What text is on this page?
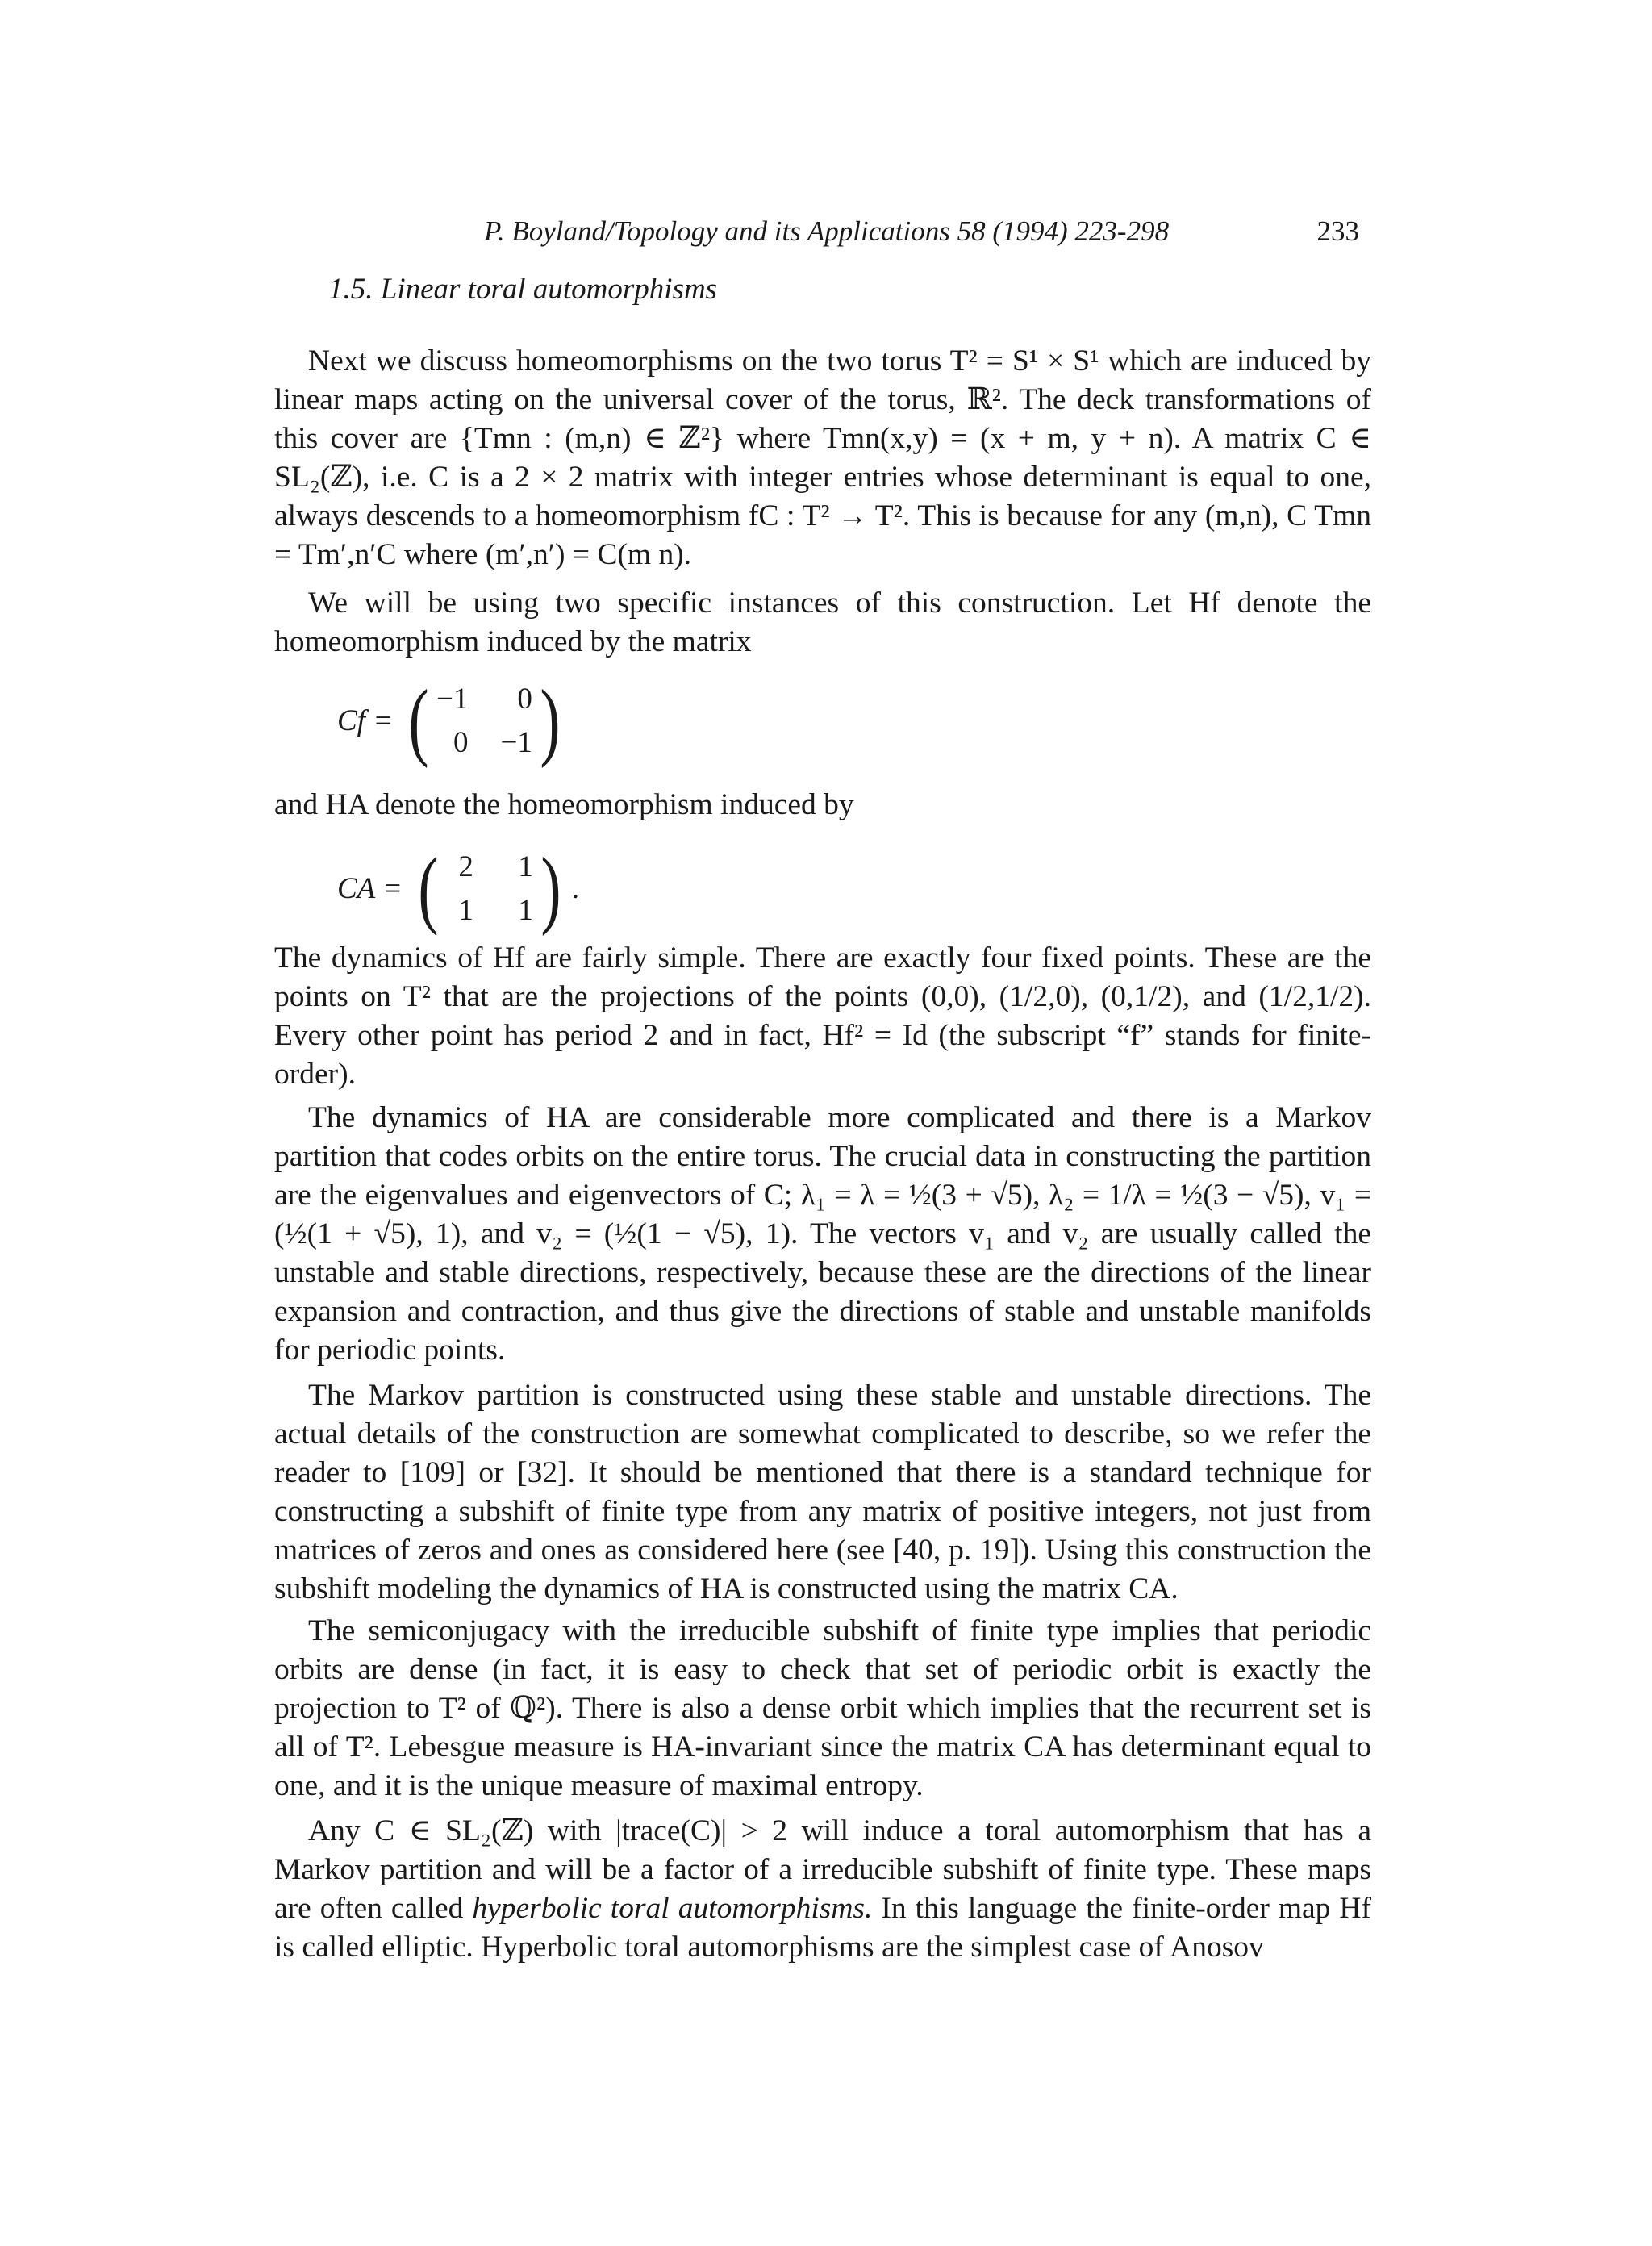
P. Boyland/Topology and its Applications 58 (1994) 223-298	233
1.5. Linear toral automorphisms

Next we discuss homeomorphisms on the two torus T² = S¹ × S¹ which are induced by linear maps acting on the universal cover of the torus, ℝ². The deck transformations of this cover are {Tmn : (m,n) ∈ ℤ²} where Tmn(x,y) = (x + m, y + n). A matrix C ∈ SL₂(ℤ), i.e. C is a 2 × 2 matrix with integer entries whose determinant is equal to one, always descends to a homeomorphism fC : T² → T². This is because for any (m,n), C Tmn = Tm′,n′C where (m′,n′) = C(m n).

We will be using two specific instances of this construction. Let Hf denote the homeomorphism induced by the matrix

Cf = ( −1	0
0 −1 )

and HA denote the homeomorphism induced by

CA = ( 2	1
1	1 ) .

The dynamics of Hf are fairly simple. There are exactly four fixed points. These are the points on T² that are the projections of the points (0,0), (1/2,0), (0,1/2), and (1/2,1/2). Every other point has period 2 and in fact, Hf² = Id (the subscript “f” stands for finite-order).

The dynamics of HA are considerable more complicated and there is a Markov partition that codes orbits on the entire torus. The crucial data in constructing the partition are the eigenvalues and eigenvectors of C; λ₁ = λ = ½(3 + √5), λ₂ = 1/λ = ½(3 − √5), v₁ = (½(1 + √5), 1), and v₂ = (½(1 − √5), 1). The vectors v₁ and v₂ are usually called the unstable and stable directions, respectively, because these are the directions of the linear expansion and contraction, and thus give the directions of stable and unstable manifolds for periodic points.

The Markov partition is constructed using these stable and unstable directions. The actual details of the construction are somewhat complicated to describe, so we refer the reader to [109] or [32]. It should be mentioned that there is a standard technique for constructing a subshift of finite type from any matrix of positive integers, not just from matrices of zeros and ones as considered here (see [40, p. 19]). Using this construction the subshift modeling the dynamics of HA is constructed using the matrix CA.

The semiconjugacy with the irreducible subshift of finite type implies that periodic orbits are dense (in fact, it is easy to check that set of periodic orbit is exactly the projection to T² of ℚ²). There is also a dense orbit which implies that the recurrent set is all of T². Lebesgue measure is HA-invariant since the matrix CA has determinant equal to one, and it is the unique measure of maximal entropy.

Any C ∈ SL₂(ℤ) with |trace(C)| > 2 will induce a toral automorphism that has a Markov partition and will be a factor of a irreducible subshift of finite type. These maps are often called hyperbolic toral automorphisms. In this language the finite-order map Hf is called elliptic. Hyperbolic toral automorphisms are the simplest case of Anosov
